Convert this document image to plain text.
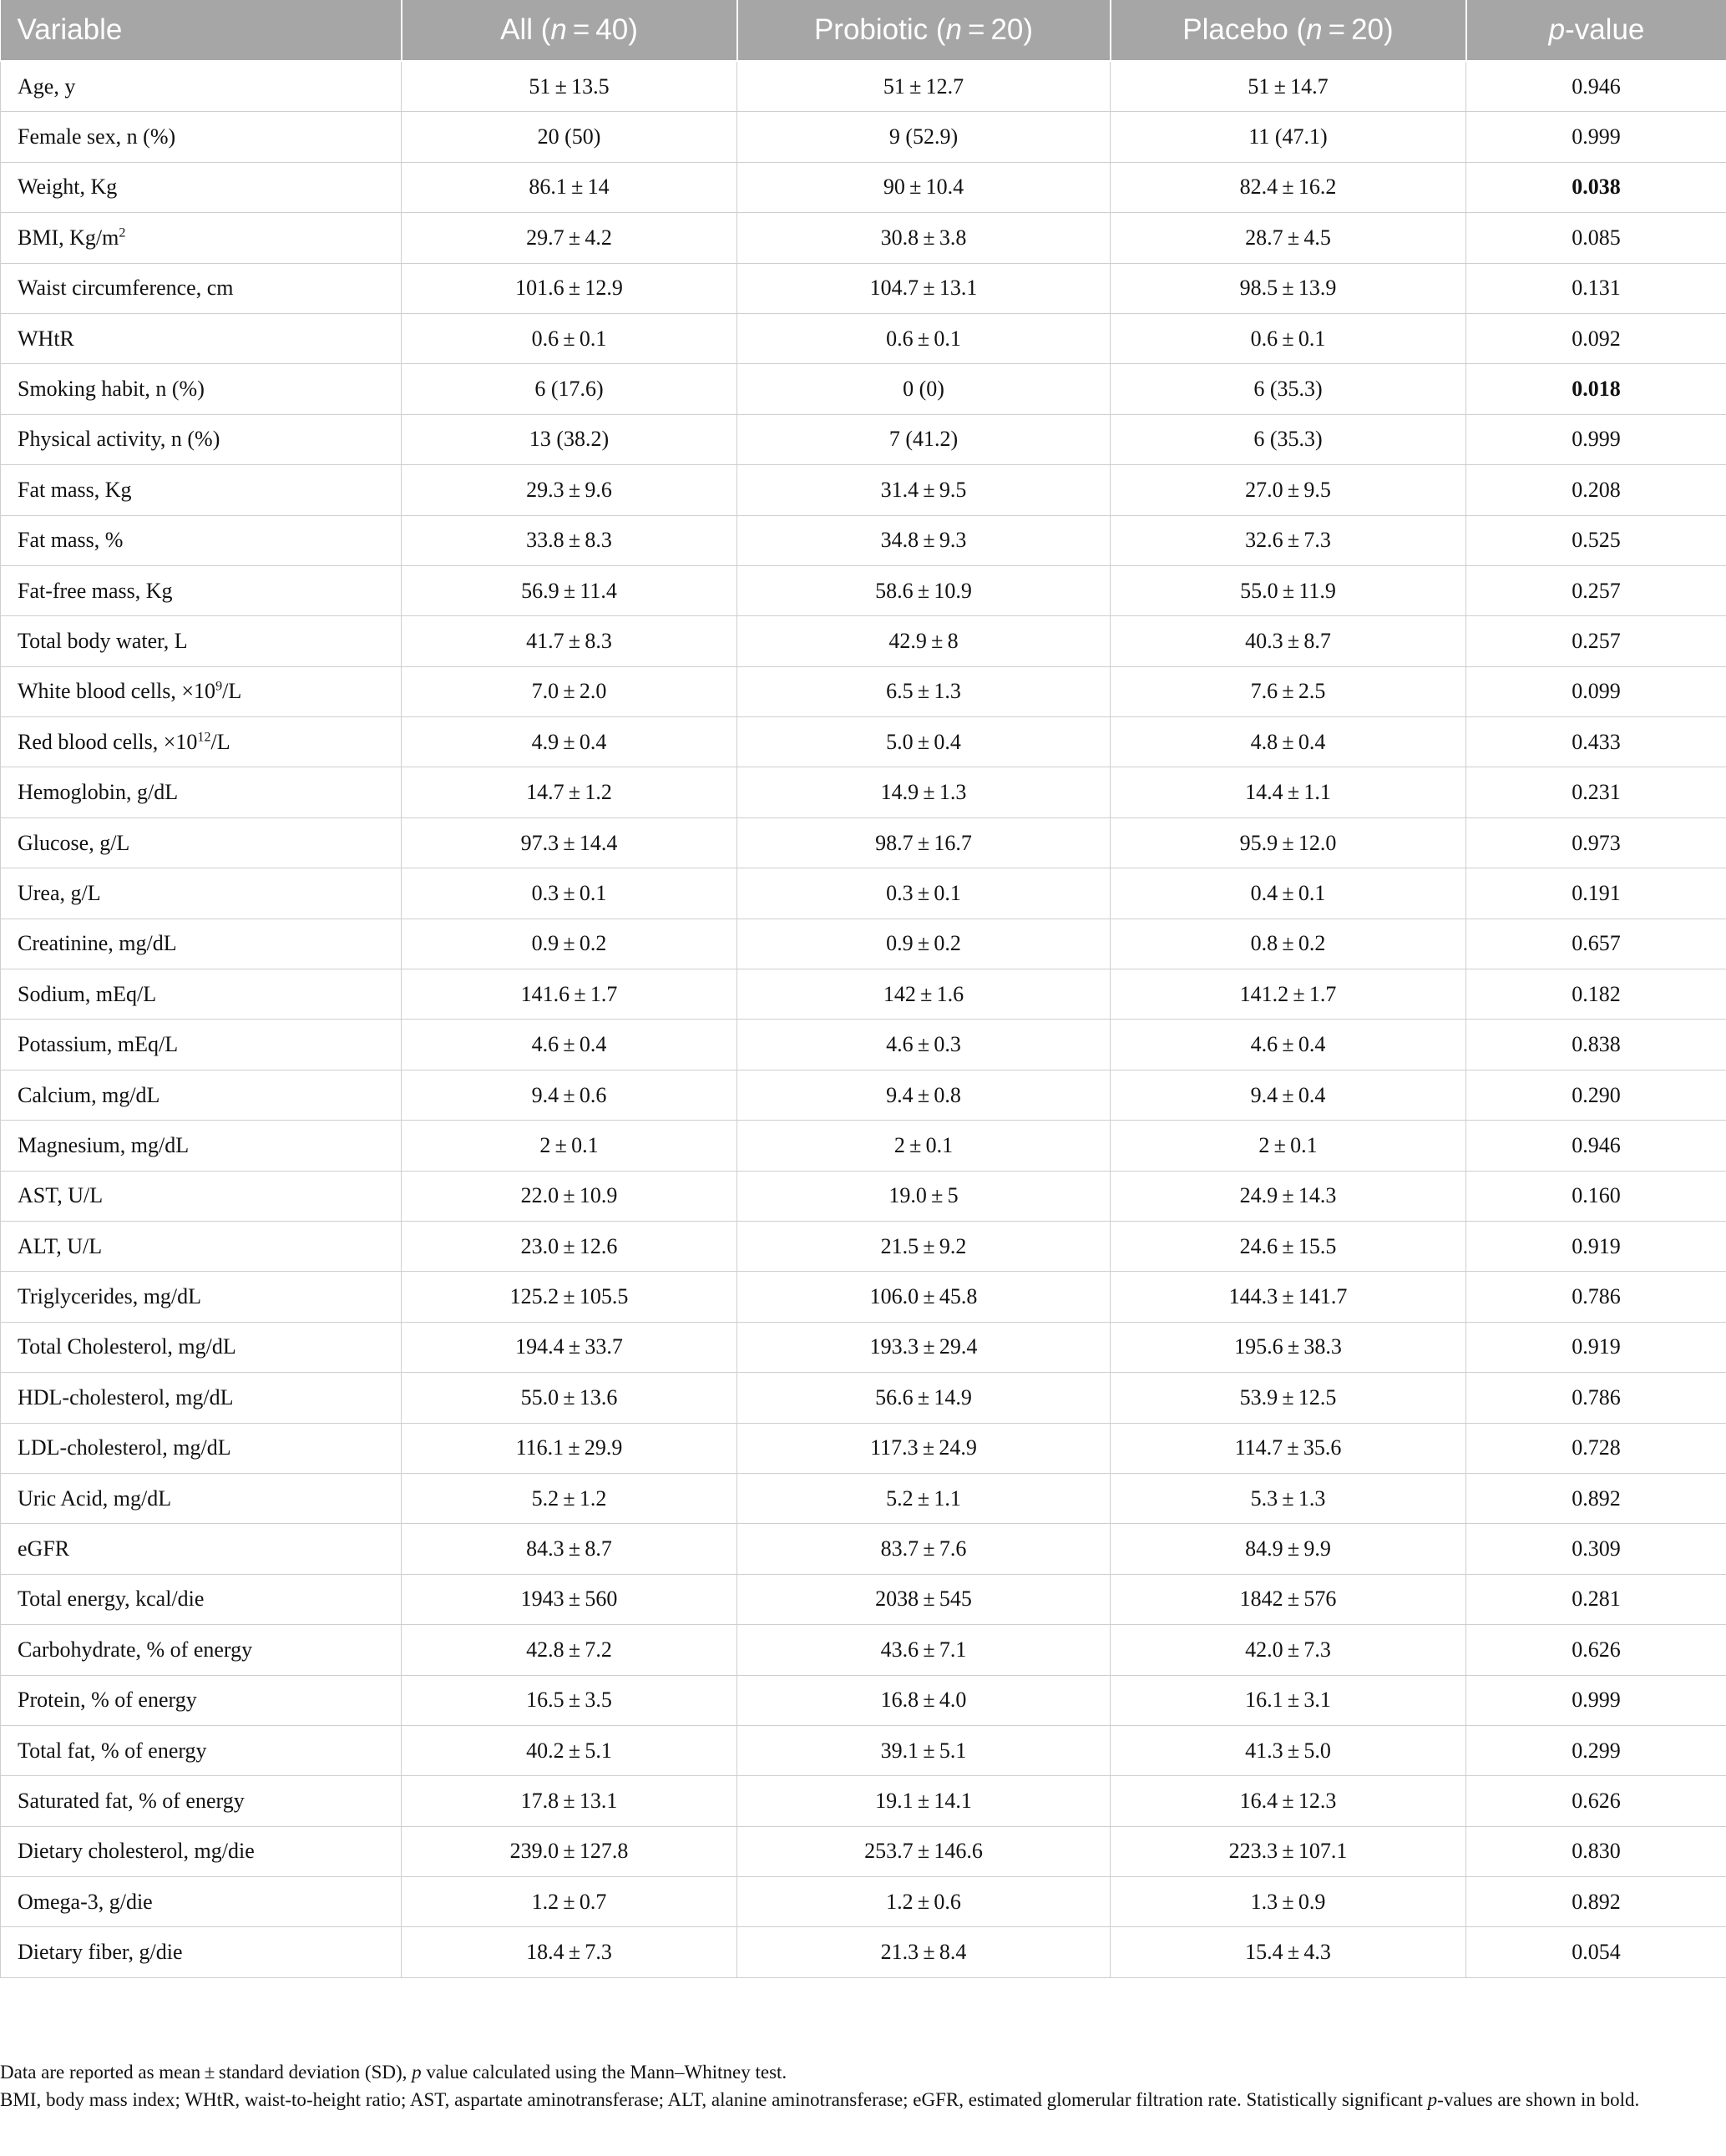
Variable	All (n = 40)	Probiotic (n = 20)	Placebo (n = 20)	p-value
Age, y	51 ± 13.5	51 ± 12.7	51 ± 14.7	0.946
Female sex, n (%)	20 (50)	9 (52.9)	11 (47.1)	0.999
Weight, Kg	86.1 ± 14	90 ± 10.4	82.4 ± 16.2	0.038
BMI, $Kg/m^2$	29.7 ± 4.2	30.8 ± 3.8	28.7 ± 4.5	0.085
Waist circumference, cm	101.6 ± 12.9	104.7 ± 13.1	98.5 ± 13.9	0.131
WHtR	0.6 ± 0.1	0.6 ± 0.1	0.6 ± 0.1	0.092
Smoking habit, n (%)	6 (17.6)	0 (0)	6 (35.3)	0.018
Physical activity, n (%)	13 (38.2)	7 (41.2)	6 (35.3)	0.999
Fat mass, Kg	29.3 ± 9.6	31.4 ± 9.5	27.0 ± 9.5	0.208
Fat mass, %	33.8 ± 8.3	34.8 ± 9.3	32.6 ± 7.3	0.525
Fat-free mass, Kg	56.9 ± 11.4	58.6 ± 10.9	55.0 ± 11.9	0.257
Total body water, L	41.7 ± 8.3	42.9 ± 8	40.3 ± 8.7	0.257
White blood cells, $\times 10^9/L$	7.0 ± 2.0	6.5 ± 1.3	7.6 ± 2.5	0.099
Red blood cells, $\times 10^{12}/L$	4.9 ± 0.4	5.0 ± 0.4	4.8 ± 0.4	0.433
Hemoglobin, g/dL	14.7 ± 1.2	14.9 ± 1.3	14.4 ± 1.1	0.231
Glucose, g/L	97.3 ± 14.4	98.7 ± 16.7	95.9 ± 12.0	0.973
Urea, g/L	0.3 ± 0.1	0.3 ± 0.1	0.4 ± 0.1	0.191
Creatinine, mg/dL	0.9 ± 0.2	0.9 ± 0.2	0.8 ± 0.2	0.657
Sodium, mEq/L	141.6 ± 1.7	142 ± 1.6	141.2 ± 1.7	0.182
Potassium, mEq/L	4.6 ± 0.4	4.6 ± 0.3	4.6 ± 0.4	0.838
Calcium, mg/dL	9.4 ± 0.6	9.4 ± 0.8	9.4 ± 0.4	0.290
Magnesium, mg/dL	2 ± 0.1	2 ± 0.1	2 ± 0.1	0.946
AST, U/L	22.0 ± 10.9	19.0 ± 5	24.9 ± 14.3	0.160
ALT, U/L	23.0 ± 12.6	21.5 ± 9.2	24.6 ± 15.5	0.919
Triglycerides, mg/dL	125.2 ± 105.5	106.0 ± 45.8	144.3 ± 141.7	0.786
Total Cholesterol, mg/dL	194.4 ± 33.7	193.3 ± 29.4	195.6 ± 38.3	0.919
HDL-cholesterol, mg/dL	55.0 ± 13.6	56.6 ± 14.9	53.9 ± 12.5	0.786
LDL-cholesterol, mg/dL	116.1 ± 29.9	117.3 ± 24.9	114.7 ± 35.6	0.728
Uric Acid, mg/dL	5.2 ± 1.2	5.2 ± 1.1	5.3 ± 1.3	0.892
eGFR	84.3 ± 8.7	83.7 ± 7.6	84.9 ± 9.9	0.309
Total energy, kcal/die	1943 ± 560	2038 ± 545	1842 ± 576	0.281
Carbohydrate, % of energy	42.8 ± 7.2	43.6 ± 7.1	42.0 ± 7.3	0.626
Protein, % of energy	16.5 ± 3.5	16.8 ± 4.0	16.1 ± 3.1	0.999
Total fat, % of energy	40.2 ± 5.1	39.1 ± 5.1	41.3 ± 5.0	0.299
Saturated fat, % of energy	17.8 ± 13.1	19.1 ± 14.1	16.4 ± 12.3	0.626
Dietary cholesterol, mg/die	239.0 ± 127.8	253.7 ± 146.6	223.3 ± 107.1	0.830
Omega-3, g/die	1.2 ± 0.7	1.2 ± 0.6	1.3 ± 0.9	0.892
Dietary fiber, g/die	18.4 ± 7.3	21.3 ± 8.4	15.4 ± 4.3	0.054

Data are reported as mean ± standard deviation (SD), p value calculated using the Mann–Whitney test.

BMI, body mass index; WHtR, waist-to-height ratio; AST, aspartate aminotransferase; ALT, alanine aminotransferase; eGFR, estimated glomerular filtration rate. Statistically significant p-values are shown in bold.
